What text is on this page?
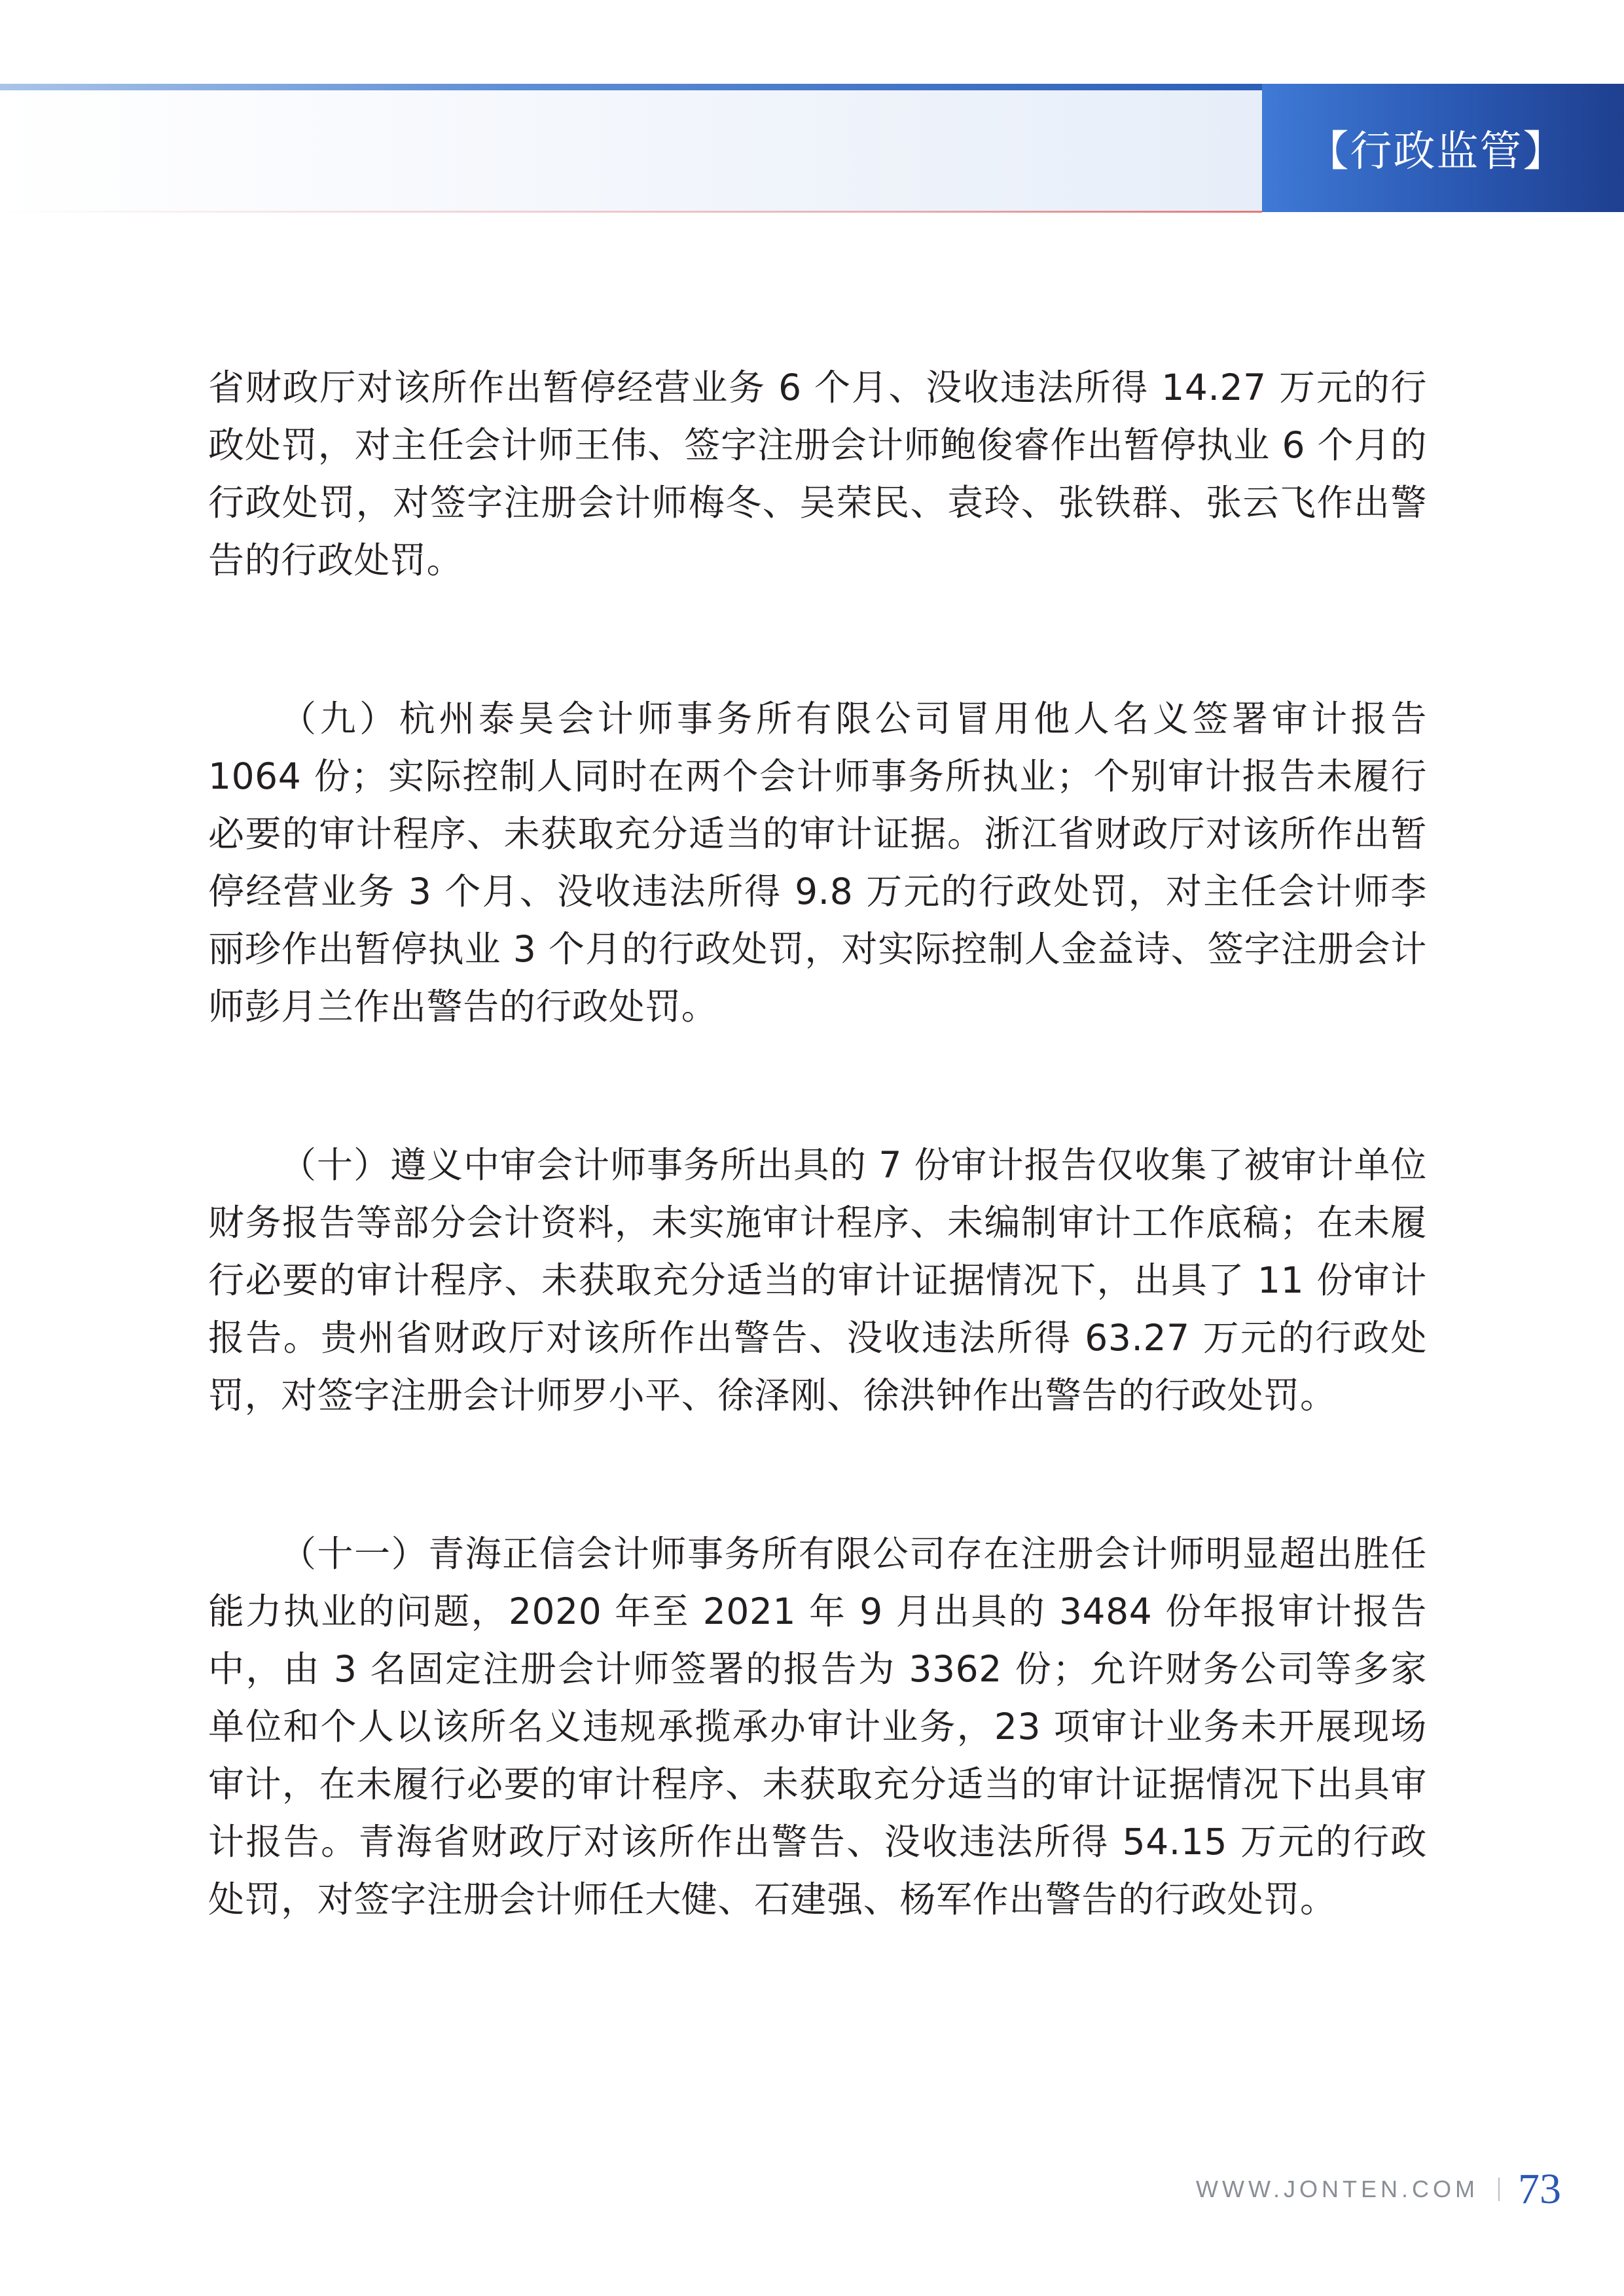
【行政监管】

省财政厅对该所作出暂停经营业务 6 个月、没收违法所得 14.27 万元的行政处罚，对主任会计师王伟、签字注册会计师鲍俊睿作出暂停执业 6 个月的行政处罚，对签字注册会计师梅冬、吴荣民、袁玲、张铁群、张云飞作出警告的行政处罚。

（九）杭州泰昊会计师事务所有限公司冒用他人名义签署审计报告 1064 份；实际控制人同时在两个会计师事务所执业；个别审计报告未履行必要的审计程序、未获取充分适当的审计证据。浙江省财政厅对该所作出暂停经营业务 3 个月、没收违法所得 9.8 万元的行政处罚，对主任会计师李丽珍作出暂停执业 3 个月的行政处罚，对实际控制人金益诗、签字注册会计师彭月兰作出警告的行政处罚。

（十）遵义中审会计师事务所出具的 7 份审计报告仅收集了被审计单位财务报告等部分会计资料，未实施审计程序、未编制审计工作底稿；在未履行必要的审计程序、未获取充分适当的审计证据情况下，出具了 11 份审计报告。贵州省财政厅对该所作出警告、没收违法所得 63.27 万元的行政处罚，对签字注册会计师罗小平、徐泽刚、徐洪钟作出警告的行政处罚。

（十一）青海正信会计师事务所有限公司存在注册会计师明显超出胜任能力执业的问题，2020 年至 2021 年 9 月出具的 3484 份年报审计报告中，由 3 名固定注册会计师签署的报告为 3362 份；允许财务公司等多家单位和个人以该所名义违规承揽承办审计业务，23 项审计业务未开展现场审计，在未履行必要的审计程序、未获取充分适当的审计证据情况下出具审计报告。青海省财政厅对该所作出警告、没收违法所得 54.15 万元的行政处罚，对签字注册会计师任大健、石建强、杨军作出警告的行政处罚。

WWW.JONTEN.COM 73
